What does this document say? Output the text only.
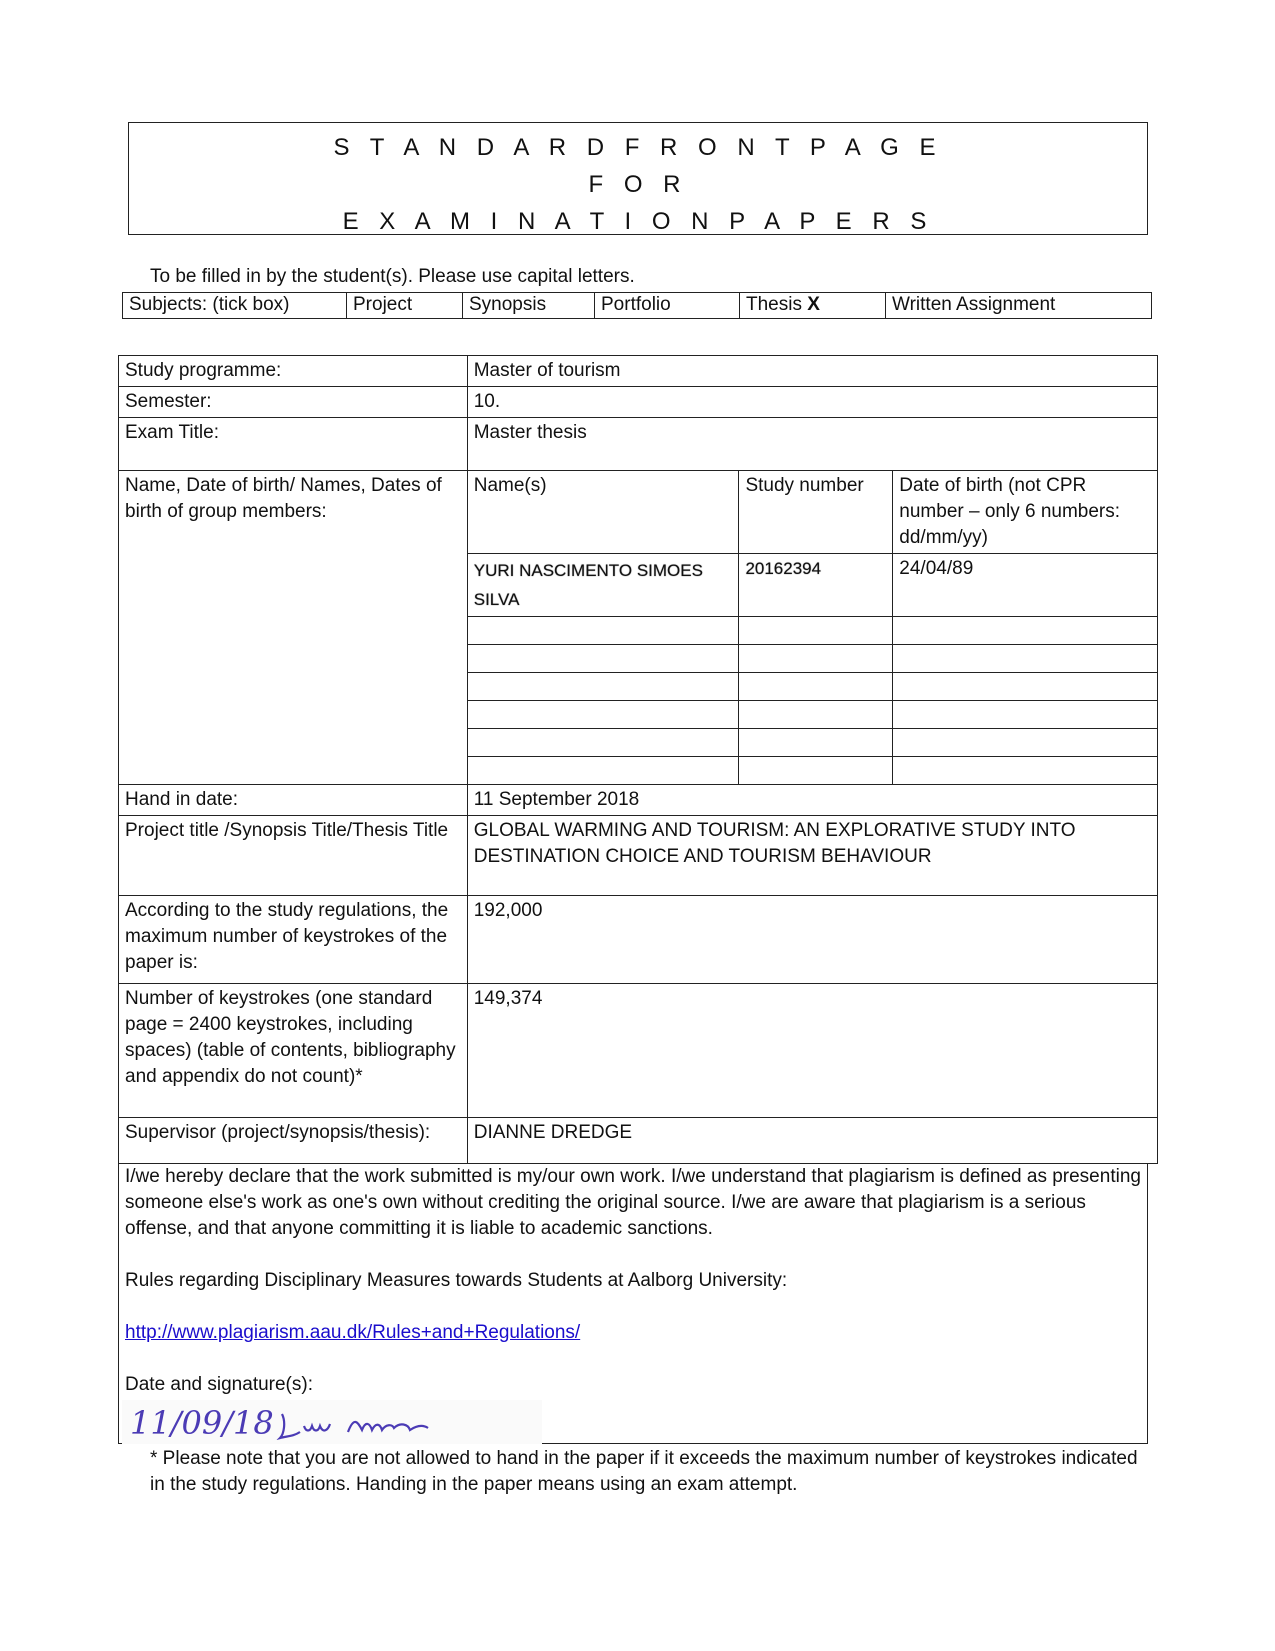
S T A N D A R D F R O N T P A G E
F O R
E X A M I N A T I O N P A P E R S
To be filled in by the student(s). Please use capital letters.
Subjects: (tick box)	Project	Synopsis	Portfolio	Thesis X	Written Assignment
Study programme:	Master of tourism		
Semester:	10.		
Exam Title:	Master thesis		
Name, Date of birth/ Names, Dates of birth of group members:	Name(s)	Study number	Date of birth (not CPR number – only 6 numbers: dd/mm/yy)
	YURI NASCIMENTO SIMOES SILVA	20162394	24/04/89

Hand in date:	11 September 2018		
Project title /Synopsis Title/Thesis Title	GLOBAL WARMING AND TOURISM: AN EXPLORATIVE STUDY INTO DESTINATION CHOICE AND TOURISM BEHAVIOUR		
According to the study regulations, the maximum number of keystrokes of the paper is:	192,000		
Number of keystrokes (one standard page = 2400 keystrokes, including spaces) (table of contents, bibliography and appendix do not count)*	149,374		
Supervisor (project/synopsis/thesis):	DIANNE DREDGE		

I/we hereby declare that the work submitted is my/our own work. I/we understand that plagiarism is defined as presenting someone else's work as one's own without crediting the original source. I/we are aware that plagiarism is a serious offense, and that anyone committing it is liable to academic sanctions.

Rules regarding Disciplinary Measures towards Students at Aalborg University:

http://www.plagiarism.aau.dk/Rules+and+Regulations/

Date and signature(s):

11/09/18
* Please note that you are not allowed to hand in the paper if it exceeds the maximum number of keystrokes indicated in the study regulations. Handing in the paper means using an exam attempt.
